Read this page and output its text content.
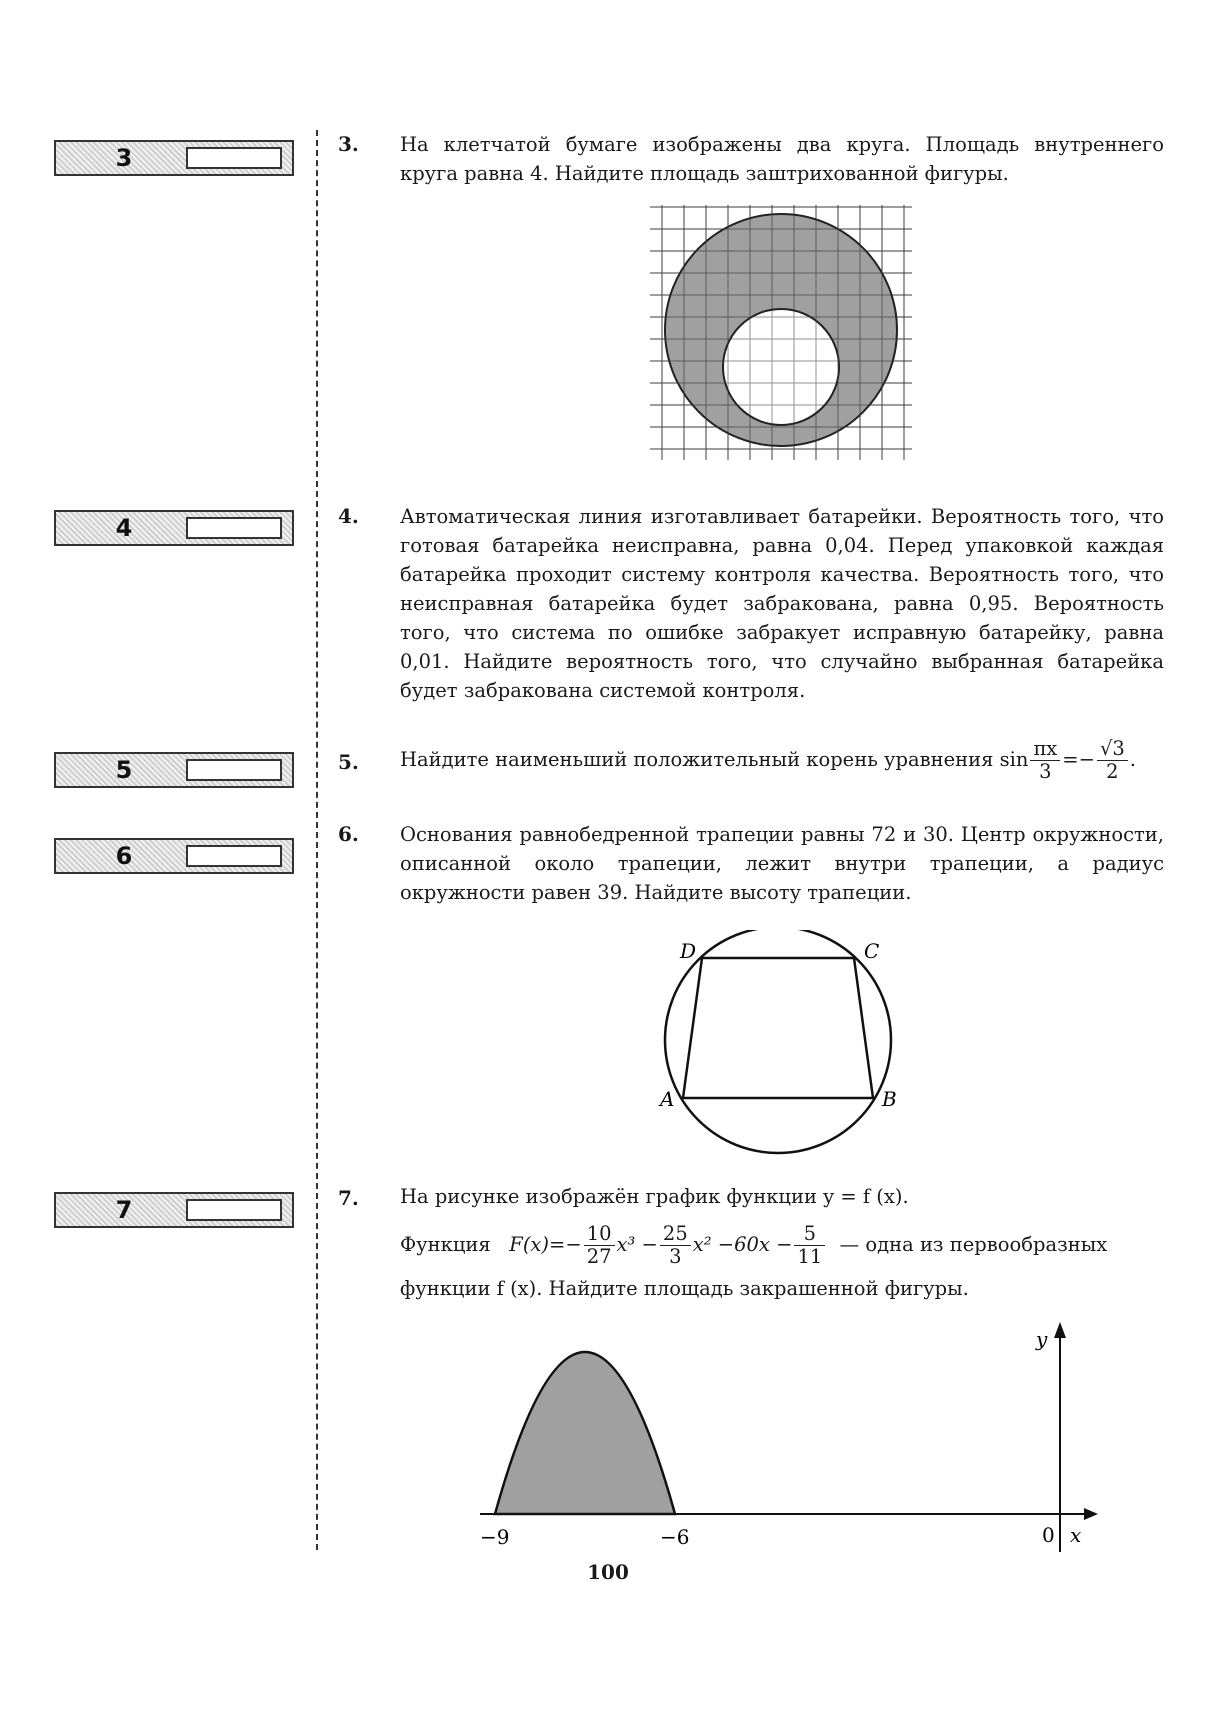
3
4
5
6
7
3. На клетчатой бумаге изображены два круга. Площадь внутреннего круга равна 4. Найдите площадь заштрихованной фигуры.
4. Автоматическая линия изготавливает батарейки. Вероятность того, что готовая батарейка неисправна, равна 0,04. Перед упаковкой каждая батарейка проходит систему контроля качества. Вероятность того, что неисправная батарейка будет забракована, равна 0,95. Вероятность того, что система по ошибке забракует исправную батарейку, равна 0,01. Найдите вероятность того, что случайно выбранная батарейка будет забракована системой контроля.
5. Найдите наименьший положительный корень уравнения $\sin \frac{\pi x}{3} =- \frac{√3}{2}$ .
6. Основания равнобедренной трапеции равны 72 и 30. Центр окружности, описанной около трапеции, лежит внутри трапеции, а радиус окружности равен 39. Найдите высоту трапеции.
D	C
A	B
7. На рисунке изображён график функции y = f (x).
Функция $F(x)=- \frac{10}{27} x^3 - \frac{25}{3} x^2 -60x - \frac{5}{11}$ — одна из первообразных
функции f (x). Найдите площадь закрашенной фигуры.
y
x
0
−9	−6
100
